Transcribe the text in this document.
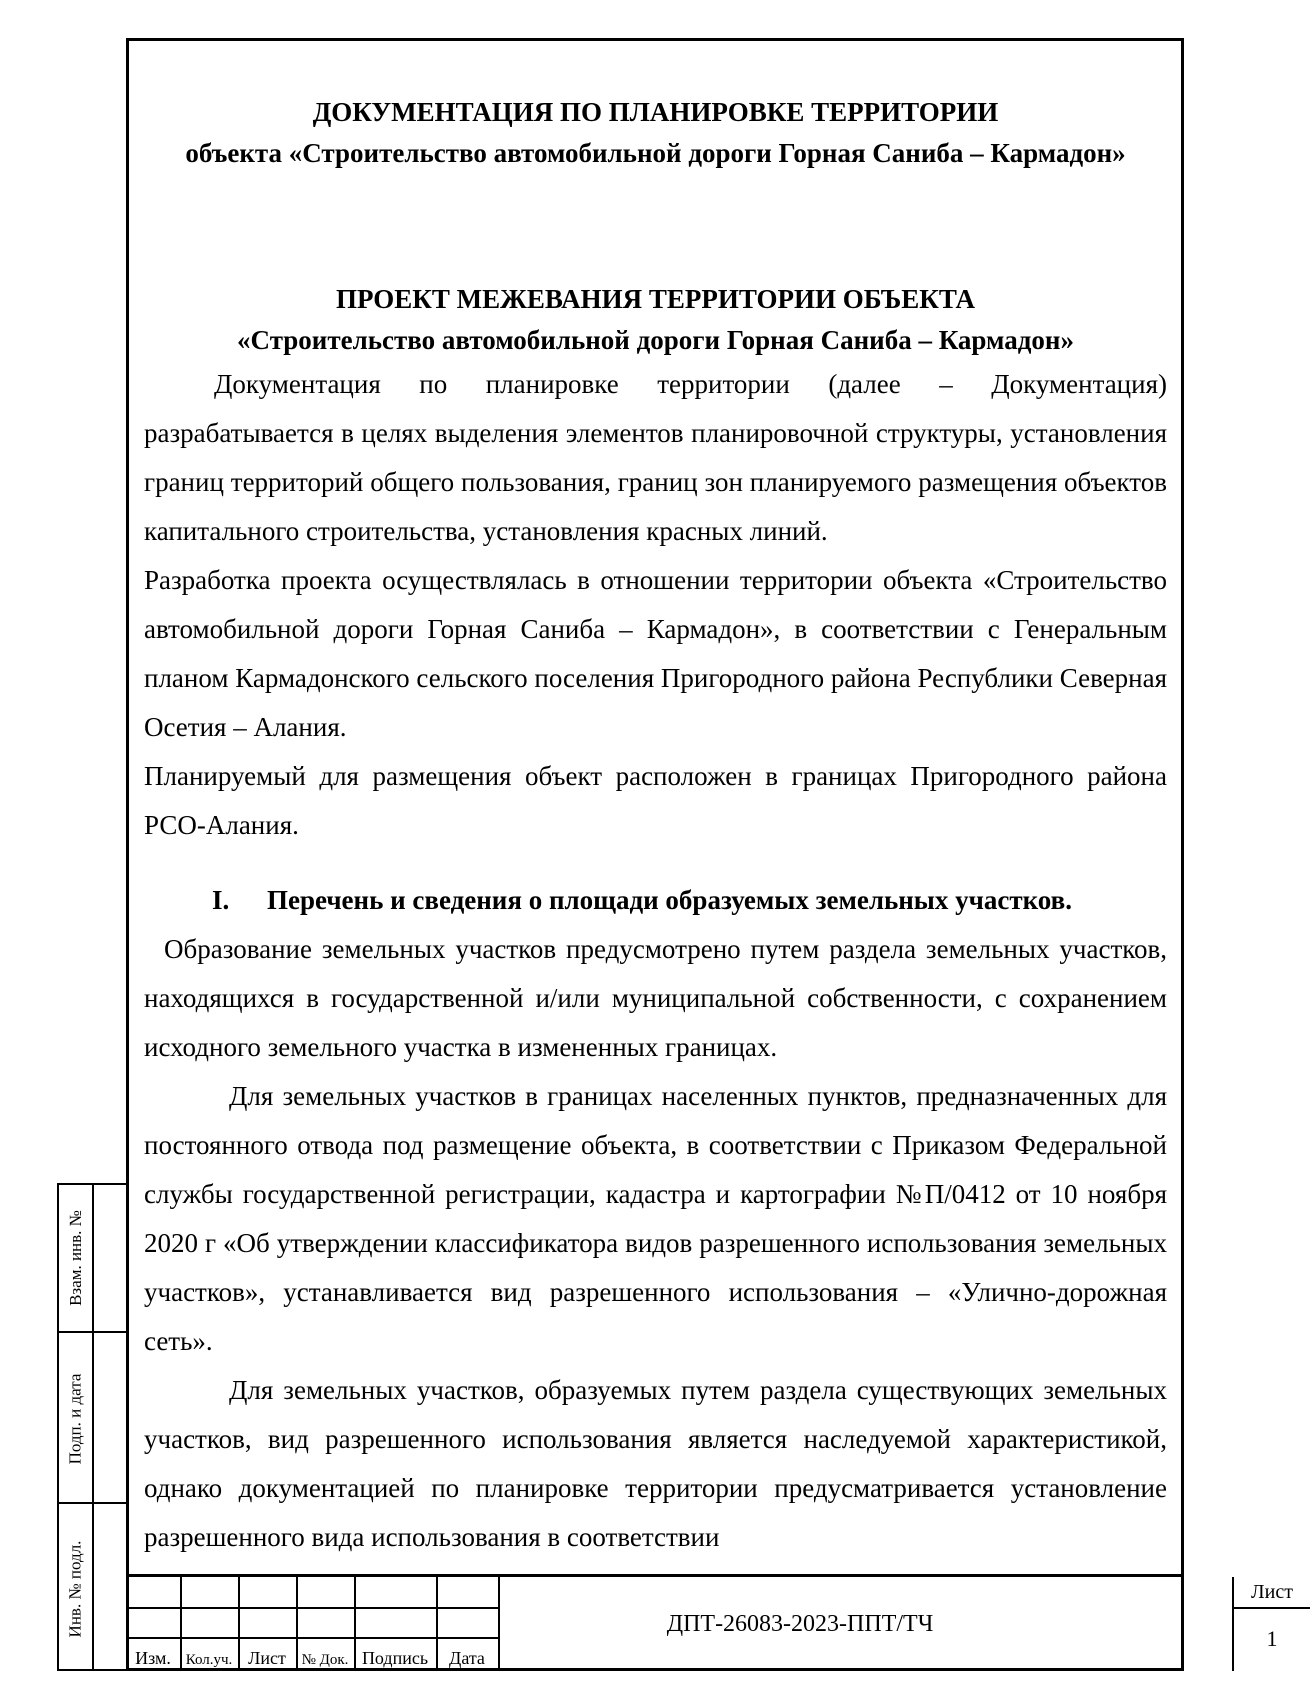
ДОКУМЕНТАЦИЯ ПО ПЛАНИРОВКЕ ТЕРРИТОРИИ

объекта «Строительство автомобильной дороги Горная Саниба – Кармадон»

ПРОЕКТ МЕЖЕВАНИЯ ТЕРРИТОРИИ ОБЪЕКТА

«Строительство автомобильной дороги Горная Саниба – Кармадон»

Документация по планировке территории (далее – Документация) разрабатывается в целях выделения элементов планировочной структуры, установления границ территорий общего пользования, границ зон планируемого размещения объектов капитального строительства, установления красных линий.

Разработка проекта осуществлялась в отношении территории объекта «Строительство автомобильной дороги Горная Саниба – Кармадон», в соответствии с Генеральным планом Кармадонского сельского поселения Пригородного района Республики Северная Осетия – Алания.

Планируемый для размещения объект расположен в границах Пригородного района РСО-Алания.

I.	Перечень и сведения о площади образуемых земельных участков.

Образование земельных участков предусмотрено путем раздела земельных участков, находящихся в государственной и/или муниципальной собственности, с сохранением исходного земельного участка в измененных границах.

Для земельных участков в границах населенных пунктов, предназначенных для постоянного отвода под размещение объекта, в соответствии с Приказом Федеральной службы государственной регистрации, кадастра и картографии №П/0412 от 10 ноября 2020 г «Об утверждении классификатора видов разрешенного использования земельных участков», устанавливается вид разрешенного использования – «Улично-дорожная сеть».

Для земельных участков, образуемых путем раздела существующих земельных участков, вид разрешенного использования является наследуемой характеристикой, однако документацией по планировке территории предусматривается установление разрешенного вида использования в соответствии

Взам. инв. №
Подп. и дата
Инв. № подл.
Изм. Кол.уч. Лист	№ Док. Подпись	Дата
ДПТ-26083-2023-ППТ/ТЧ
Лист
1
